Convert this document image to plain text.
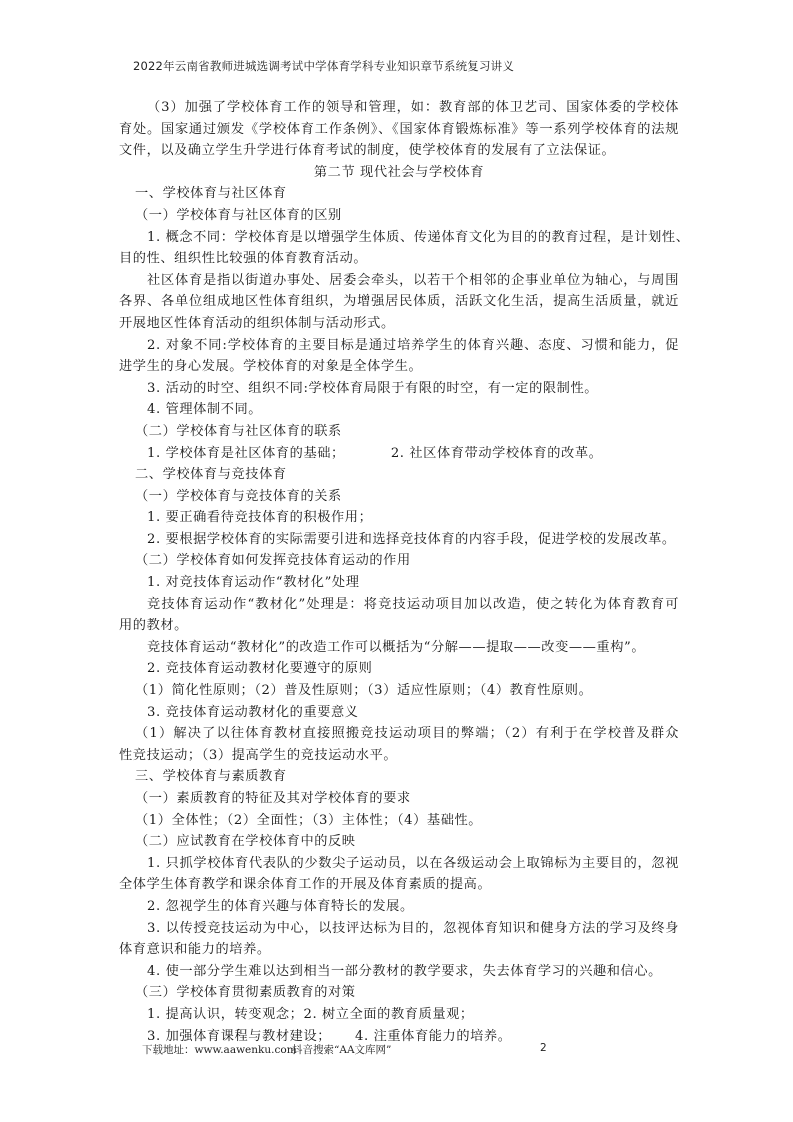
2022年云南省教师进城选调考试中学体育学科专业知识章节系统复习讲义
（3）加强了学校体育工作的领导和管理，如：教育部的体卫艺司、国家体委的学校体
育处。国家通过颁发《学校体育工作条例》、《国家体育锻炼标准》等一系列学校体育的法规
文件，以及确立学生升学进行体育考试的制度，使学校体育的发展有了立法保证。
第二节 现代社会与学校体育
一、学校体育与社区体育
（一）学校体育与社区体育的区别
1. 概念不同：学校体育是以增强学生体质、传递体育文化为目的的教育过程，是计划性、
目的性、组织性比较强的体育教育活动。
社区体育是指以街道办事处、居委会牵头，以若干个相邻的企事业单位为轴心，与周围
各界、各单位组成地区性体育组织，为增强居民体质，活跃文化生活，提高生活质量，就近
开展地区性体育活动的组织体制与活动形式。
2. 对象不同:学校体育的主要目标是通过培养学生的体育兴趣、态度、习惯和能力，促
进学生的身心发展。学校体育的对象是全体学生。
3. 活动的时空、组织不同:学校体育局限于有限的时空，有一定的限制性。
4. 管理体制不同。
（二）学校体育与社区体育的联系
1. 学校体育是社区体育的基础；	2. 社区体育带动学校体育的改革。
二、学校体育与竞技体育
（一）学校体育与竞技体育的关系
1. 要正确看待竞技体育的积极作用；
2. 要根据学校体育的实际需要引进和选择竞技体育的内容手段，促进学校的发展改革。
（二）学校体育如何发挥竞技体育运动的作用
1. 对竞技体育运动作“教材化”处理
竞技体育运动作“教材化”处理是：将竞技运动项目加以改造，使之转化为体育教育可
用的教材。
竞技体育运动“教材化”的改造工作可以概括为“分解——提取——改变——重构”。
2. 竞技体育运动教材化要遵守的原则
（1）简化性原则；（2）普及性原则；（3）适应性原则；（4）教育性原则。
3. 竞技体育运动教材化的重要意义
（1）解决了以往体育教材直接照搬竞技运动项目的弊端；（2）有利于在学校普及群众
性竞技运动；（3）提高学生的竞技运动水平。
三、学校体育与素质教育
（一）素质教育的特征及其对学校体育的要求
（1）全体性；（2）全面性；（3）主体性；（4）基础性。
（二）应试教育在学校体育中的反映
1. 只抓学校体育代表队的少数尖子运动员，以在各级运动会上取锦标为主要目的，忽视
全体学生体育教学和课余体育工作的开展及体育素质的提高。
2. 忽视学生的体育兴趣与体育特长的发展。
3. 以传授竞技运动为中心，以技评达标为目的，忽视体育知识和健身方法的学习及终身
体育意识和能力的培养。
4. 使一部分学生难以达到相当一部分教材的教学要求，失去体育学习的兴趣和信心。
（三）学校体育贯彻素质教育的对策
1. 提高认识，转变观念；2. 树立全面的教育质量观；
3. 加强体育课程与教材建设； 4. 注重体育能力的培养。
下载地址：www.aawenku.com
抖音搜索“AA文库网”	2
